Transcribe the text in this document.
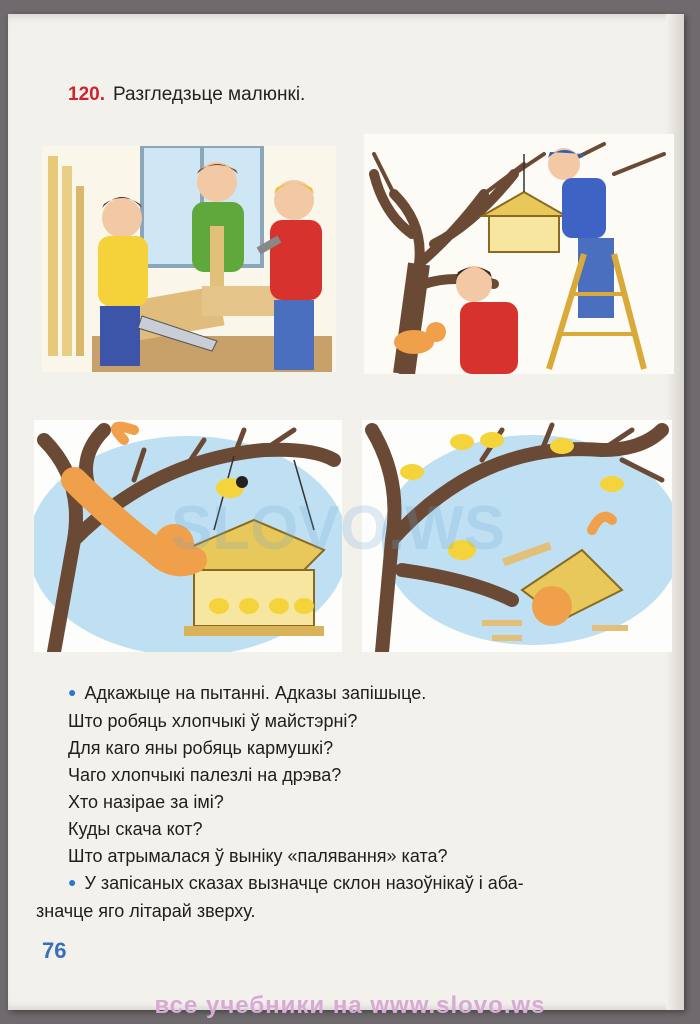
120. Разгледзьце малюнкі.
● Адкажыце на пытанні. Адказы запішыце.
Што робяць хлопчыкі ў майстэрні?
Для каго яны робяць кармушкі?
Чаго хлопчыкі палезлі на дрэва?
Хто назірае за імі?
Куды скача кот?
Што атрымалася ў выніку «палявання» ката?
● У запісаных сказах вызначце склон назоўнікаў і аба-
значце яго літарай зверху.
76
SLOVO.WS
все учебники на www.slovo.ws
